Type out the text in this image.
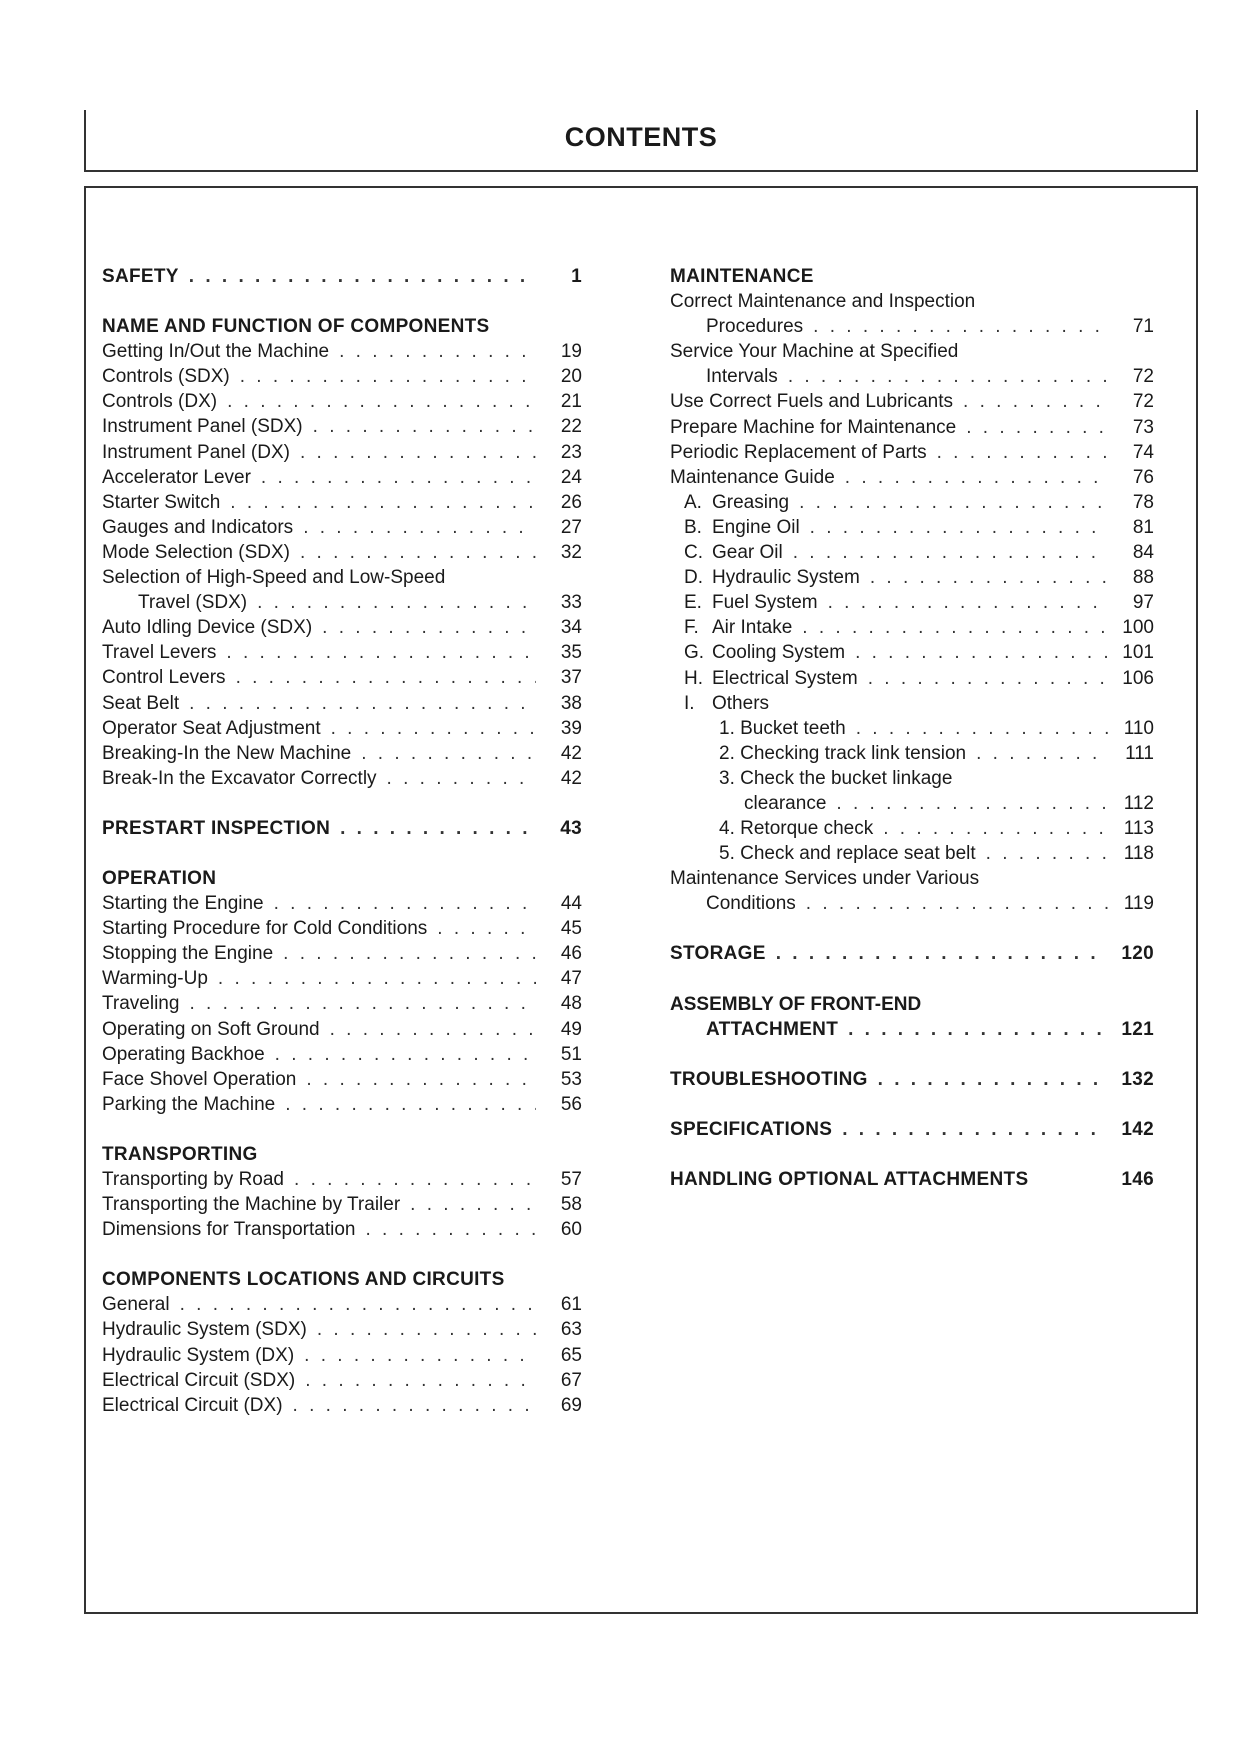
CONTENTS
SAFETY . . .	1
NAME AND FUNCTION OF COMPONENTS
Getting In/Out the Machine . . .	19
Controls (SDX) . . .	20
Controls (DX) . . .	21
Instrument Panel (SDX) . . .	22
Instrument Panel (DX) . . .	23
Accelerator Lever . . .	24
Starter Switch . . .	26
Gauges and Indicators . . .	27
Mode Selection (SDX) . . .	32
Selection of High-Speed and Low-Speed
Travel (SDX) . . .	33
Auto Idling Device (SDX) . . .	34
Travel Levers . . .	35
Control Levers . . .	37
Seat Belt . . .	38
Operator Seat Adjustment . . .	39
Breaking-In the New Machine . . .	42
Break-In the Excavator Correctly . . .	42
PRESTART INSPECTION . . .	43
OPERATION
Starting the Engine . . .	44
Starting Procedure for Cold Conditions . . .	45
Stopping the Engine . . .	46
Warming-Up . . .	47
Traveling . . .	48
Operating on Soft Ground . . .	49
Operating Backhoe . . .	51
Face Shovel Operation . . .	53
Parking the Machine . . .	56
TRANSPORTING
Transporting by Road . . .	57
Transporting the Machine by Trailer . . .	58
Dimensions for Transportation . . .	60
COMPONENTS LOCATIONS AND CIRCUITS
General . . .	61
Hydraulic System (SDX) . . .	63
Hydraulic System (DX) . . .	65
Electrical Circuit (SDX) . . .	67
Electrical Circuit (DX) . . .	69
MAINTENANCE
Correct Maintenance and Inspection
Procedures . . .	71
Service Your Machine at Specified
Intervals . . .	72
Use Correct Fuels and Lubricants . . .	72
Prepare Machine for Maintenance . . .	73
Periodic Replacement of Parts . . .	74
Maintenance Guide . . .	76
A. Greasing . . .	78
B. Engine Oil . . .	81
C. Gear Oil . . .	84
D. Hydraulic System . . .	88
E. Fuel System . . .	97
F. Air Intake . . .	100
G. Cooling System . . .	101
H. Electrical System . . .	106
I. Others
1. Bucket teeth . . .	110
2. Checking track link tension . . .	111
3. Check the bucket linkage
clearance . . .	112
4. Retorque check . . .	113
5. Check and replace seat belt . . .	118
Maintenance Services under Various
Conditions . . .	119
STORAGE . . .	120
ASSEMBLY OF FRONT-END
ATTACHMENT . . .	121
TROUBLESHOOTING . . .	132
SPECIFICATIONS . . .	142
HANDLING OPTIONAL ATTACHMENTS	146
